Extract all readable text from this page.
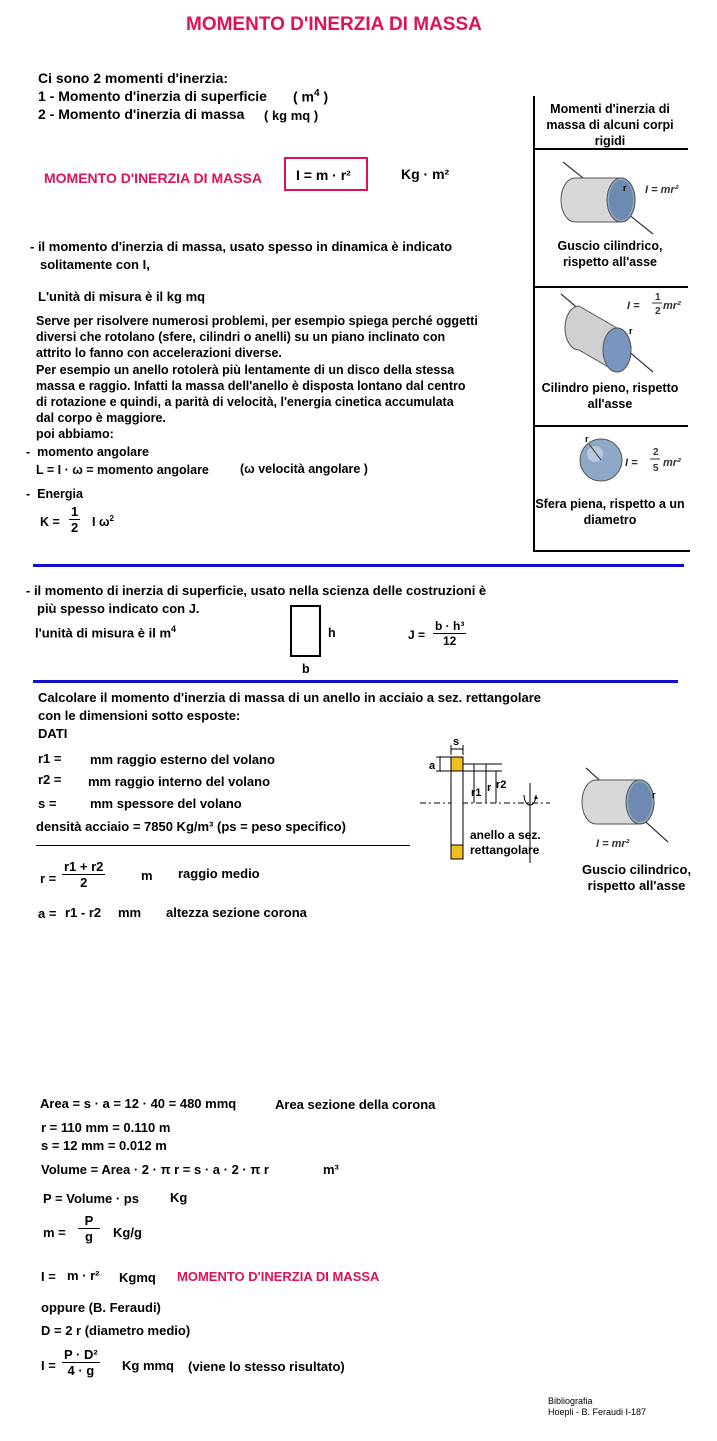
MOMENTO D'INERZIA DI MASSA
Ci sono 2 momenti d'inerzia:
1 - Momento d'inerzia di superficie ( $m^4$ )
2 - Momento d'inerzia di massa ( kg mq )
MOMENTO D'INERZIA DI MASSA I = m · r²	Kg · m²
- il momento d'inerzia di massa, usato spesso in dinamica è indicato
solitamente con I,
L'unità di misura è il kg mq
Serve per risolvere numerosi problemi, per esempio spiega perché oggetti
diversi che rotolano (sfere, cilindri o anelli) su un piano inclinato con
attrito lo fanno con accelerazioni diverse.
Per esempio un anello rotolerà più lentamente di un disco della stessa
massa e raggio. Infatti la massa dell'anello è disposta lontano dal centro
di rotazione e quindi, a parità di velocità, l'energia cinetica accumulata
dal corpo è maggiore.
poi abbiamo:
-  momento angolare
L = I · ω = momento angolare (ω velocità angolare )
-  Energia
K =
1
2 I $\omega^2$
Momenti d'inerzia di massa di alcuni corpi rigidi
r I = mr²
Guscio cilindrico, rispetto all'asse
r
I =
1
2 mr²
Cilindro pieno, rispetto all'asse
r
I =
2
5 mr²
Sfera piena, rispetto a un diametro
- il momento di inerzia di superficie, usato nella scienza delle costruzioni è
più spesso indicato con J.
l'unità di misura è il $m^4$	h
b
J =
b · h³
12
Calcolare il momento d'inerzia di massa di un anello in acciaio a sez. rettangolare
con le dimensioni sotto esposte:
DATI
r1 = mm raggio esterno del volano
r2 = mm raggio interno del volano
s =	mm spessore del volano
densità acciaio = 7850 Kg/m³ (ps = peso specifico)
s
a
r1 r r2
anello a sez.
rettangolare
r
I = mr²
Guscio cilindrico,
rispetto all'asse
r =
r1 + r2
2	m raggio medio
a = r1 - r2 mm altezza sezione corona
Area = s · a = 12 · 40 = 480 mmq	Area sezione della corona
r = 110 mm = 0.110 m
s = 12 mm = 0.012 m
Volume = Area · 2 · π r = s · a · 2 · π r	m³
P = Volume · ps Kg
m =
P
g Kg/g
I = m · r² Kgmq MOMENTO D'INERZIA DI MASSA
oppure (B. Feraudi)
D = 2 r (diametro medio)
I =
P · D²
4 · g Kg mmq (viene lo stesso risultato)
Bibliografia
Hoepli - B. Feraudi I-187
